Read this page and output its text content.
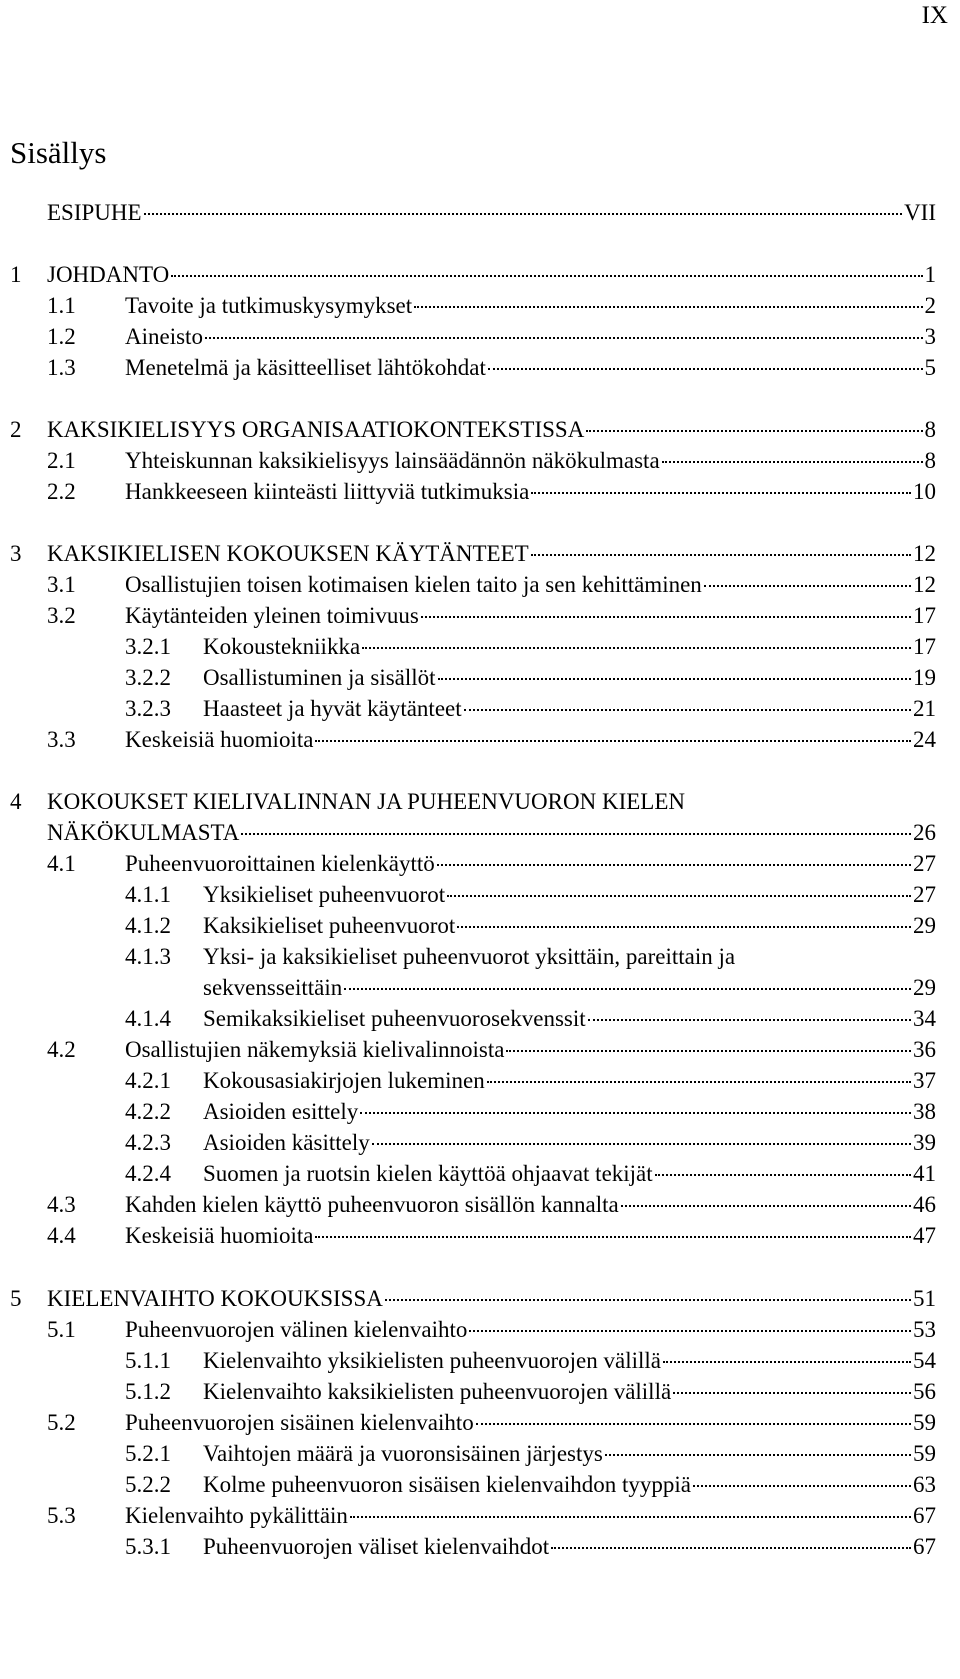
IX
Sisällys
ESIPUHE	VII
1	JOHDANTO	1
1.1	Tavoite ja tutkimuskysymykset	2
1.2	Aineisto	3
1.3	Menetelmä ja käsitteelliset lähtökohdat	5
2	KAKSIKIELISYYS ORGANISAATIOKONTEKSTISSA	8
2.1	Yhteiskunnan kaksikielisyys lainsäädännön näkökulmasta	8
2.2	Hankkeeseen kiinteästi liittyviä tutkimuksia	10
3	KAKSIKIELISEN KOKOUKSEN KÄYTÄNTEET	12
3.1	Osallistujien toisen kotimaisen kielen taito ja sen kehittäminen	12
3.2	Käytänteiden yleinen toimivuus	17
3.2.1	Kokoustekniikka	17
3.2.2	Osallistuminen ja sisällöt	19
3.2.3	Haasteet ja hyvät käytänteet	21
3.3	Keskeisiä huomioita	24
4 KOKOUKSET KIELIVALINNAN JA PUHEENVUORON KIELEN
NÄKÖKULMASTA	26
4.1	Puheenvuoroittainen kielenkäyttö	27
4.1.1	Yksikieliset puheenvuorot	27
4.1.2	Kaksikieliset puheenvuorot	29
4.1.3 Yksi- ja kaksikieliset puheenvuorot yksittäin, pareittain ja
sekvensseittäin	29
4.1.4	Semikaksikieliset puheenvuorosekvenssit	34
4.2	Osallistujien näkemyksiä kielivalinnoista	36
4.2.1	Kokousasiakirjojen lukeminen	37
4.2.2	Asioiden esittely	38
4.2.3	Asioiden käsittely	39
4.2.4	Suomen ja ruotsin kielen käyttöä ohjaavat tekijät	41
4.3	Kahden kielen käyttö puheenvuoron sisällön kannalta	46
4.4	Keskeisiä huomioita	47
5	KIELENVAIHTO KOKOUKSISSA	51
5.1	Puheenvuorojen välinen kielenvaihto	53
5.1.1	Kielenvaihto yksikielisten puheenvuorojen välillä	54
5.1.2	Kielenvaihto kaksikielisten puheenvuorojen välillä	56
5.2	Puheenvuorojen sisäinen kielenvaihto	59
5.2.1	Vaihtojen määrä ja vuoronsisäinen järjestys	59
5.2.2	Kolme puheenvuoron sisäisen kielenvaihdon tyyppiä	63
5.3	Kielenvaihto pykälittäin	67
5.3.1	Puheenvuorojen väliset kielenvaihdot	67
